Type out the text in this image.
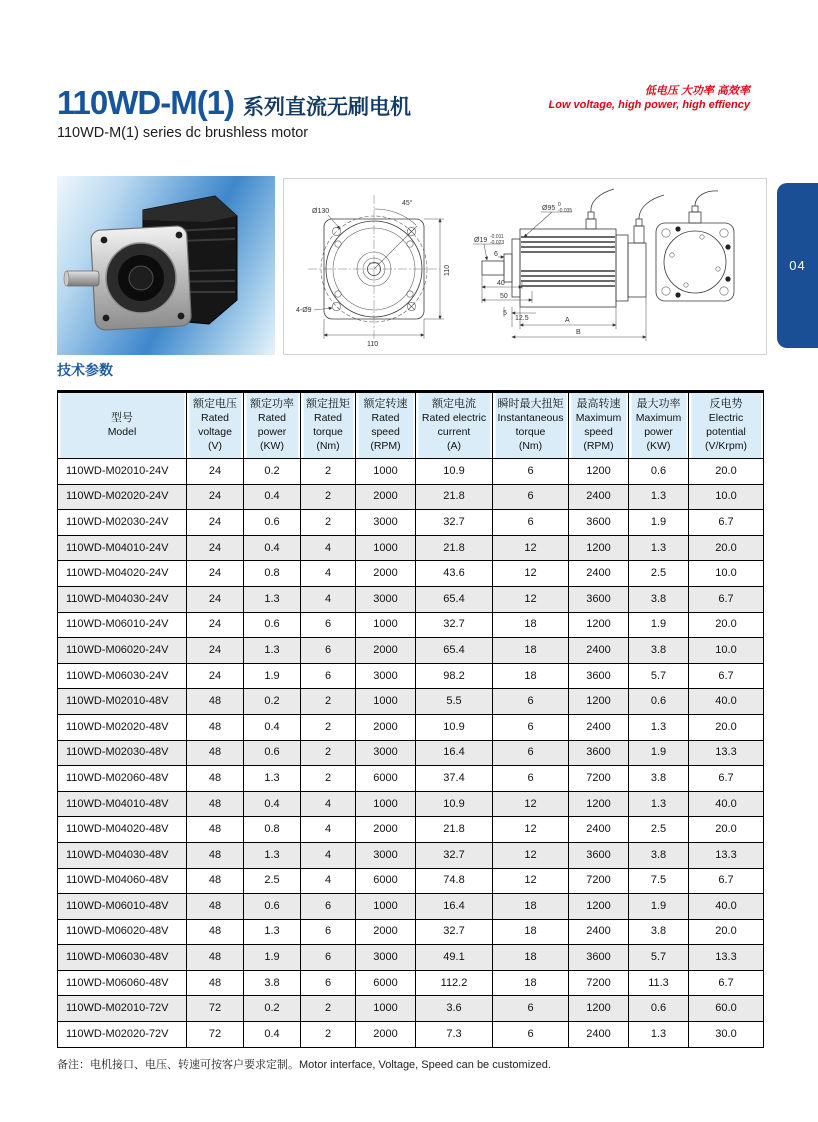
低电压 大功率 高效率
Low voltage, high power, high effiency
110WD-M(1) 系列直流无刷电机
110WD-M(1) series dc brushless motor
45°
Ø130
4-Ø9
110
110
Ø95 0
-0.035
Ø19 -0.011
-0.023
6
40
50
5
12.5	A
B
04
技术参数
型号
Model	额定电压
Rated voltage
(V)	额定功率
Rated power
(KW)	额定扭矩
Rated torque
(Nm)	额定转速
Rated speed
(RPM)	额定电流
Rated electric current
(A)	瞬时最大扭矩
Instantaneous torque
(Nm)	最高转速
Maximum speed
(RPM)	最大功率
Maximum power
(KW)	反电势
Electric potential
(V/Krpm)

110WD-M02010-24V	24	0.2	2	1000	10.9	6	1200	0.6	20.0
110WD-M02020-24V	24	0.4	2	2000	21.8	6	2400	1.3	10.0
110WD-M02030-24V	24	0.6	2	3000	32.7	6	3600	1.9	6.7
110WD-M04010-24V	24	0.4	4	1000	21.8	12	1200	1.3	20.0
110WD-M04020-24V	24	0.8	4	2000	43.6	12	2400	2.5	10.0
110WD-M04030-24V	24	1.3	4	3000	65.4	12	3600	3.8	6.7
110WD-M06010-24V	24	0.6	6	1000	32.7	18	1200	1.9	20.0
110WD-M06020-24V	24	1.3	6	2000	65.4	18	2400	3.8	10.0
110WD-M06030-24V	24	1.9	6	3000	98.2	18	3600	5.7	6.7
110WD-M02010-48V	48	0.2	2	1000	5.5	6	1200	0.6	40.0
110WD-M02020-48V	48	0.4	2	2000	10.9	6	2400	1.3	20.0
110WD-M02030-48V	48	0.6	2	3000	16.4	6	3600	1.9	13.3
110WD-M02060-48V	48	1.3	2	6000	37.4	6	7200	3.8	6.7
110WD-M04010-48V	48	0.4	4	1000	10.9	12	1200	1.3	40.0
110WD-M04020-48V	48	0.8	4	2000	21.8	12	2400	2.5	20.0
110WD-M04030-48V	48	1.3	4	3000	32.7	12	3600	3.8	13.3
110WD-M04060-48V	48	2.5	4	6000	74.8	12	7200	7.5	6.7
110WD-M06010-48V	48	0.6	6	1000	16.4	18	1200	1.9	40.0
110WD-M06020-48V	48	1.3	6	2000	32.7	18	2400	3.8	20.0
110WD-M06030-48V	48	1.9	6	3000	49.1	18	3600	5.7	13.3
110WD-M06060-48V	48	3.8	6	6000	112.2	18	7200	11.3	6.7
110WD-M02010-72V	72	0.2	2	1000	3.6	6	1200	0.6	60.0
110WD-M02020-72V	72	0.4	2	2000	7.3	6	2400	1.3	30.0
备注：电机接口、电压、转速可按客户要求定制。Motor interface, Voltage, Speed can be customized.
